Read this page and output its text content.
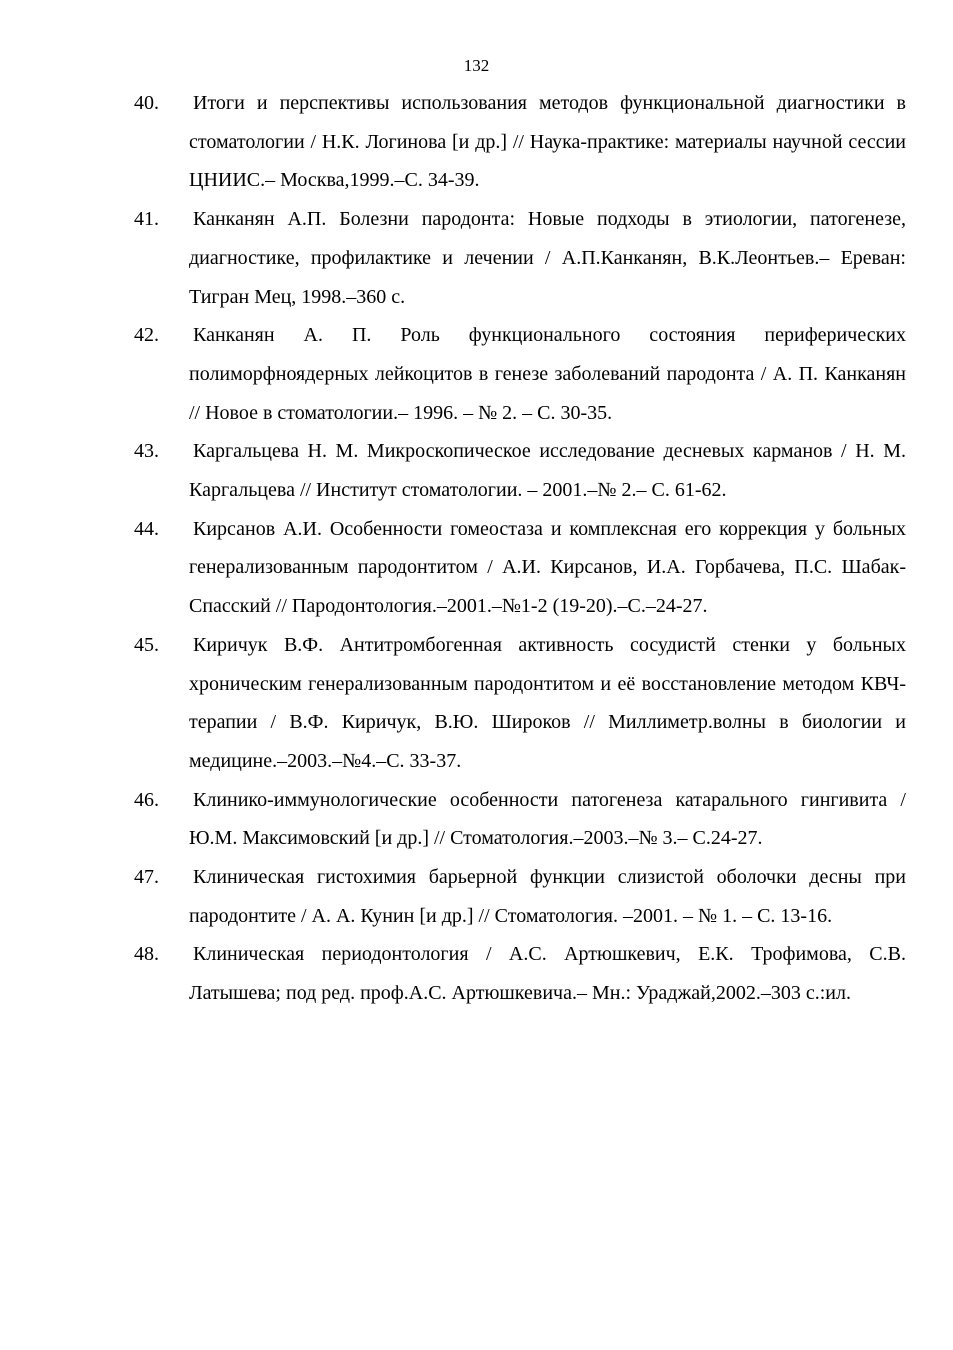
132
40.	Итоги и перспективы использования методов функциональной диагностики в стоматологии / Н.К. Логинова [и др.] // Наука-практике: материалы научной сессии ЦНИИС.– Москва,1999.–С. 34-39.
41.	Канканян А.П. Болезни пародонта: Новые подходы в этиологии, патогенезе, диагностике, профилактике и лечении / А.П.Канканян, В.К.Леонтьев.– Ереван: Тигран Мец, 1998.–360 с.
42.	Канканян А. П. Роль функционального состояния периферических полиморфноядерных лейкоцитов в генезе заболеваний пародонта / А. П. Канканян // Новое в стоматологии.– 1996. – № 2. – С. 30-35.
43.	Каргальцева Н. М. Микроскопическое исследование десневых карманов / Н. М. Каргальцева // Институт стоматологии. – 2001.–№ 2.– С. 61-62.
44.	Кирсанов А.И. Особенности гомеостаза и комплексная его коррекция у больных генерализованным пародонтитом / А.И. Кирсанов, И.А. Горбачева, П.С. Шабак-Спасский // Пародонтология.–2001.–№1-2 (19-20).–С.–24-27.
45.	Киричук В.Ф. Антитромбогенная активность сосудистй стенки у больных хроническим генерализованным пародонтитом и её восстановление методом КВЧ-терапии / В.Ф. Киричук, В.Ю. Широков // Миллиметр.волны в биологии и медицине.–2003.–№4.–С. 33-37.
46.	Клинико-иммунологические особенности патогенеза катарального гингивита / Ю.М. Максимовский [и др.] // Стоматология.–2003.–№ 3.– С.24-27.
47.	Клиническая гистохимия барьерной функции слизистой оболочки десны при пародонтите / А. А. Кунин [и др.] // Стоматология. –2001. – № 1. – С. 13-16.
48.	Клиническая периодонтология / А.С. Артюшкевич, Е.К. Трофимова, С.В. Латышева; под ред. проф.А.С. Артюшкевича.– Мн.: Ураджай,2002.–303 с.:ил.
